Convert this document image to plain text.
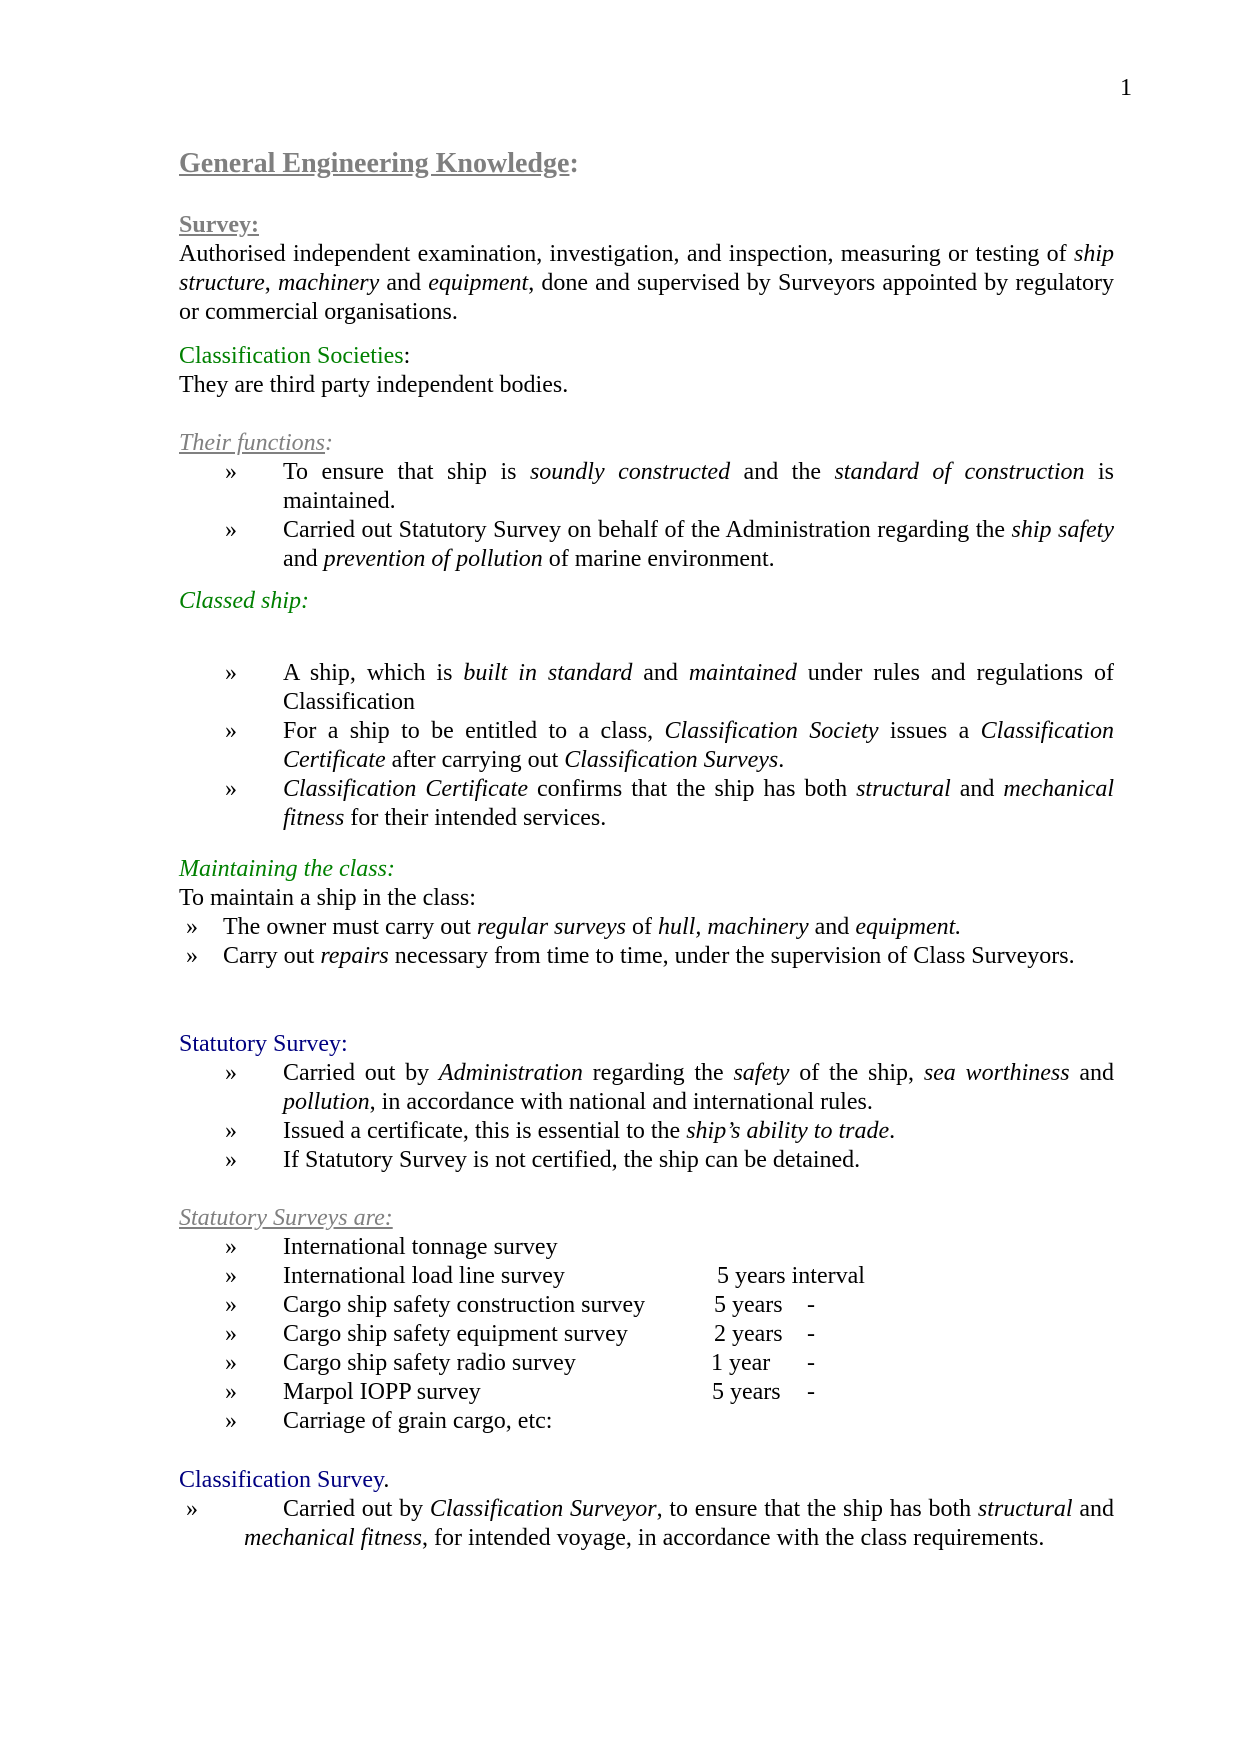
1
General Engineering Knowledge:
Survey:
Authorised independent examination, investigation, and inspection, measuring or testing of ship structure, machinery and equipment, done and supervised by Surveyors appointed by regulatory or commercial organisations.
Classification Societies:
They are third party independent bodies.
Their functions:
» To ensure that ship is soundly constructed and the standard of construction is maintained.
» Carried out Statutory Survey on behalf of the Administration regarding the ship safety and prevention of pollution of marine environment.
Classed ship:
» A ship, which is built in standard and maintained under rules and regulations of Classification
» For a ship to be entitled to a class, Classification Society issues a Classification Certificate after carrying out Classification Surveys.
» Classification Certificate confirms that the ship has both structural and mechanical fitness for their intended services.
Maintaining the class:
To maintain a ship in the class:
» The owner must carry out regular surveys of hull, machinery and equipment.
» Carry out repairs necessary from time to time, under the supervision of Class Surveyors.
Statutory Survey:
» Carried out by Administration regarding the safety of the ship, sea worthiness and pollution, in accordance with national and international rules.
» Issued a certificate, this is essential to the ship’s ability to trade.
» If Statutory Survey is not certified, the ship can be detained.
Statutory Surveys are:
» International tonnage survey
» International load line survey	5 years interval
» Cargo ship safety construction survey	5 years -
» Cargo ship safety equipment survey	2 years -
» Cargo ship safety radio survey	1 year -
» Marpol IOPP survey	5 years -
» Carriage of grain cargo, etc:
Classification Survey.
»	Carried out by Classification Surveyor, to ensure that the ship has both structural and mechanical fitness, for intended voyage, in accordance with the class requirements.
